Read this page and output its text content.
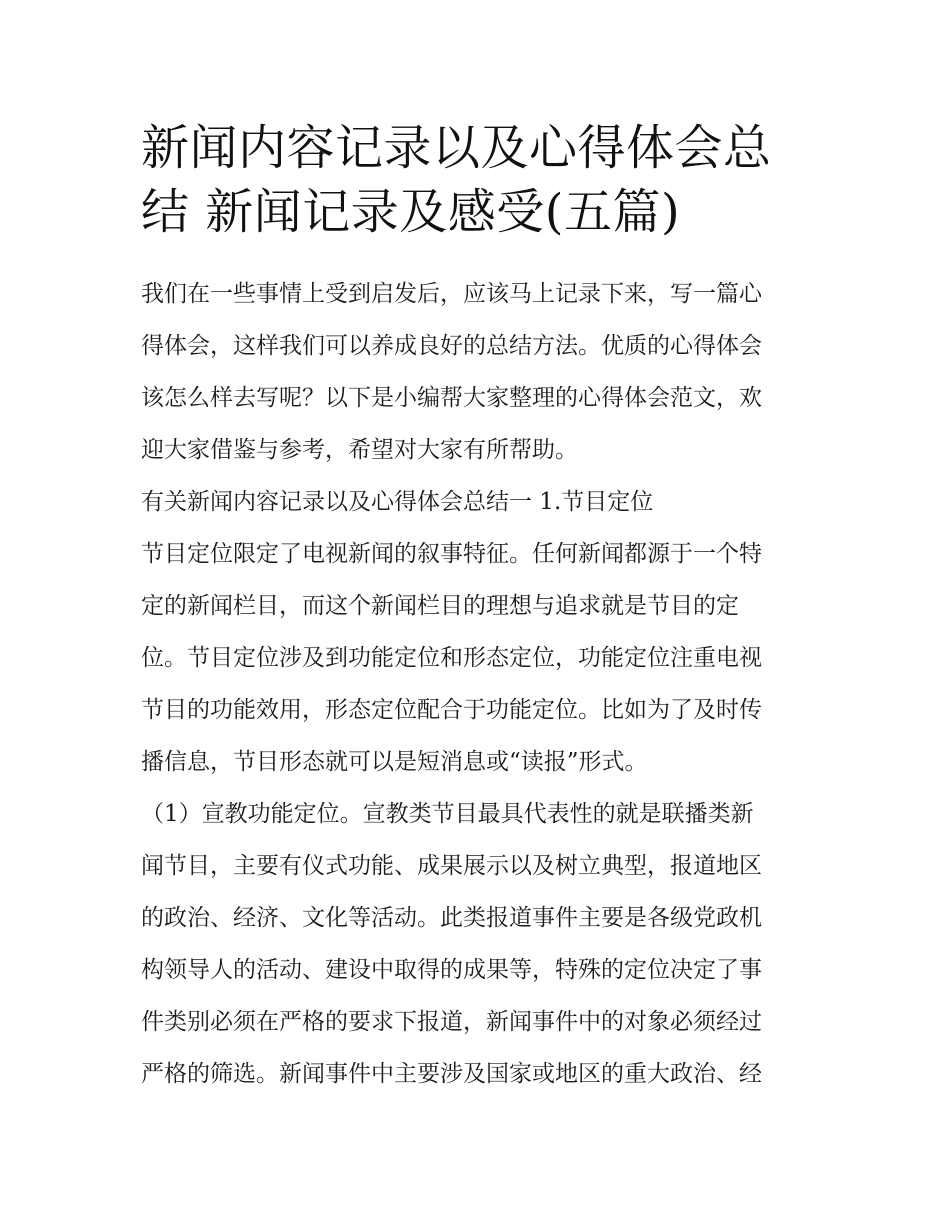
新闻内容记录以及心得体会总
结 新闻记录及感受(五篇)
我们在一些事情上受到启发后，应该马上记录下来，写一篇心
得体会，这样我们可以养成良好的总结方法。优质的心得体会
该怎么样去写呢？以下是小编帮大家整理的心得体会范文，欢
迎大家借鉴与参考，希望对大家有所帮助。
有关新闻内容记录以及心得体会总结一 1.节目定位
节目定位限定了电视新闻的叙事特征。任何新闻都源于一个特
定的新闻栏目，而这个新闻栏目的理想与追求就是节目的定
位。节目定位涉及到功能定位和形态定位，功能定位注重电视
节目的功能效用，形态定位配合于功能定位。比如为了及时传
播信息，节目形态就可以是短消息或“读报”形式。
（1）宣教功能定位。宣教类节目最具代表性的就是联播类新
闻节目，主要有仪式功能、成果展示以及树立典型，报道地区
的政治、经济、文化等活动。此类报道事件主要是各级党政机
构领导人的活动、建设中取得的成果等，特殊的定位决定了事
件类别必须在严格的要求下报道，新闻事件中的对象必须经过
严格的筛选。新闻事件中主要涉及国家或地区的重大政治、经
